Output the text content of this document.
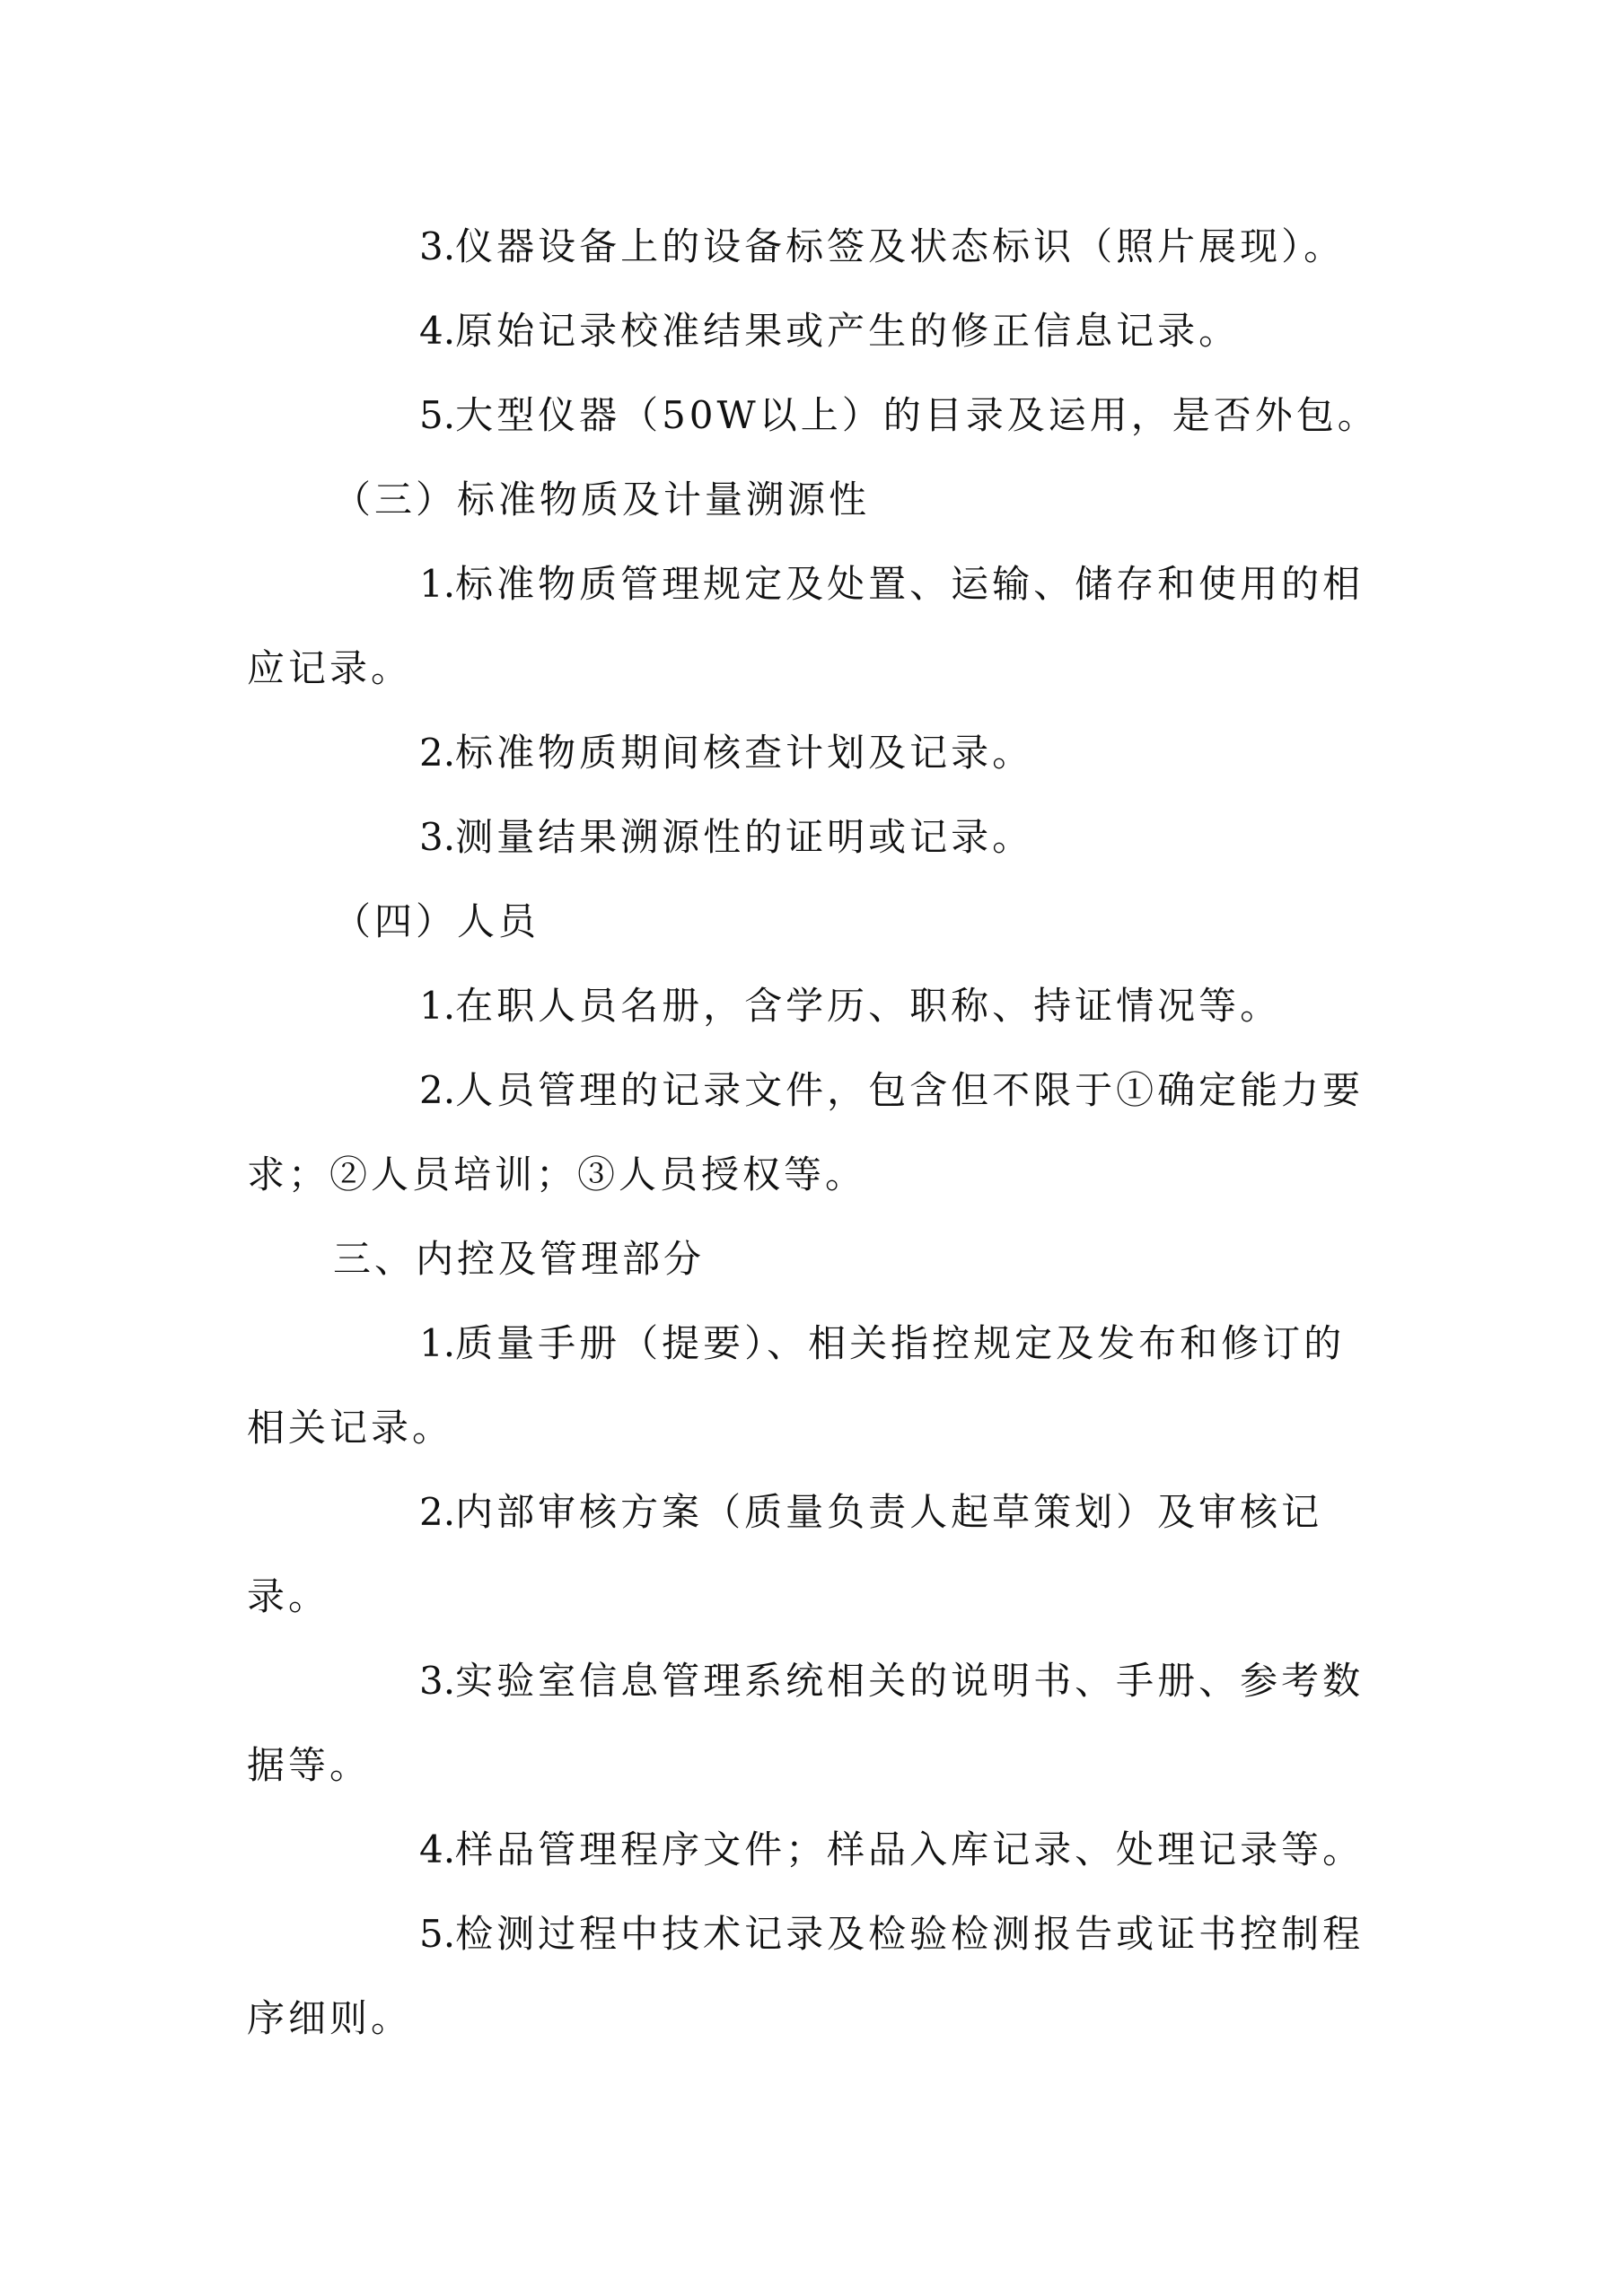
3.仪器设备上的设备标签及状态标识（照片展现）。

4.原始记录校准结果或产生的修正信息记录。

5.大型仪器（50W以上）的目录及运用，是否外包。

（三）标准物质及计量溯源性

1.标准物质管理规定及处置、运输、储存和使用的相应记录。

2.标准物质期间核查计划及记录。

3.测量结果溯源性的证明或记录。

（四）人员

1.在职人员名册，含学历、职称、持证情况等。

2.人员管理的记录文件，包含但不限于①确定能力要求；②人员培训；③人员授权等。

三、内控及管理部分

1.质量手册（提要）、相关指控规定及发布和修订的相关记录。

2.内部审核方案（质量负责人起草策划）及审核记录。

3.实验室信息管理系统相关的说明书、手册、参考数据等。

4.样品管理程序文件；样品入库记录、处理记录等。

5.检测过程中技术记录及检验检测报告或证书控制程序细则。
